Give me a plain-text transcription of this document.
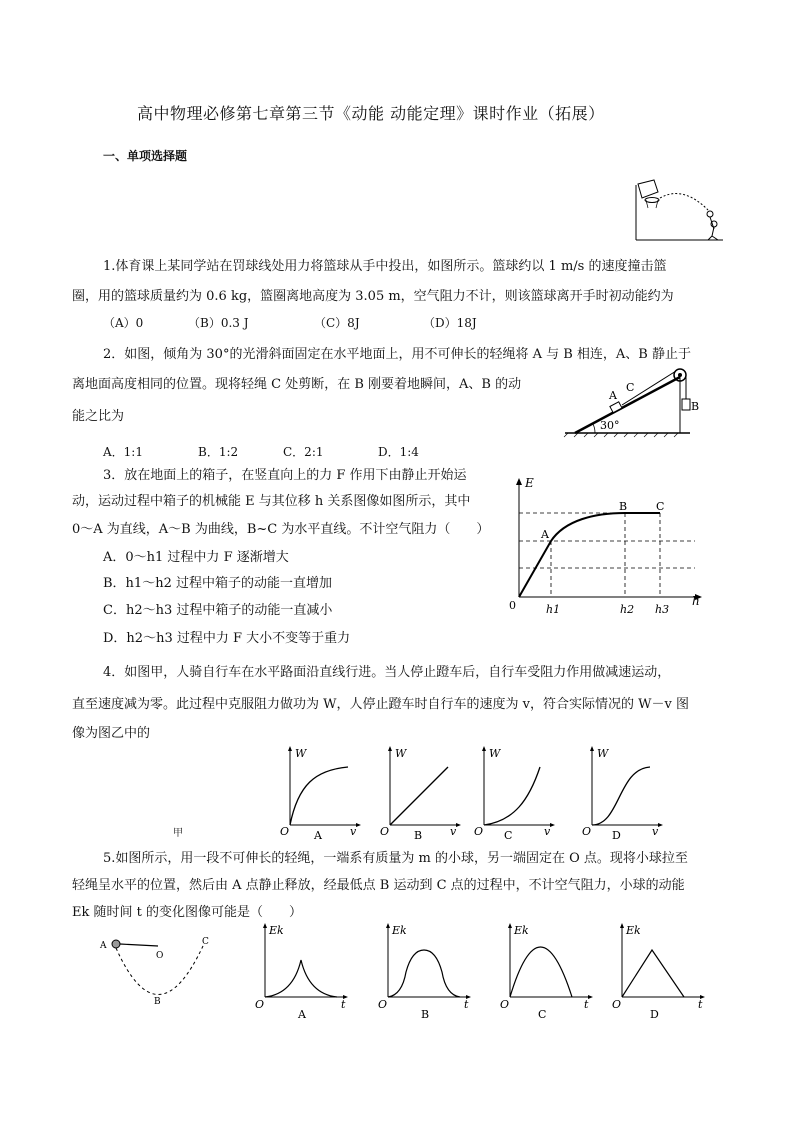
高中物理必修第七章第三节《动能 动能定理》课时作业（拓展）
一、单项选择题
1.体育课上某同学站在罚球线处用力将篮球从手中投出，如图所示。篮球约以 1 m/s 的速度撞击篮
圈，用的篮球质量约为 0.6 kg，篮圈离地高度为 3.05 m，空气阻力不计，则该篮球离开手时初动能约为
（A）0	（B）0.3 J	（C）8J	（D）18J
2．如图，倾角为 30°的光滑斜面固定在水平地面上，用不可伸长的轻绳将 A 与 B 相连，A、B 静止于
离地面高度相同的位置。现将轻绳 C 处剪断，在 B 刚要着地瞬间，A、B 的动
能之比为
A．1:1	B．1:2	C．2:1	D．1:4
A
C
B
30°
3．放在地面上的箱子，在竖直向上的力 F 作用下由静止开始运
动，运动过程中箱子的机械能 E 与其位移 h 关系图像如图所示，其中
0～A 为直线，A～B 为曲线，B~C 为水平直线。不计空气阻力（　　）
A．0～h1 过程中力 F 逐渐增大
B．h1～h2 过程中箱子的动能一直增加
C．h2～h3 过程中箱子的动能一直减小
D．h2～h3 过程中力 F 大小不变等于重力
E
h
0
A
B	C
h1	h2 h3
4．如图甲，人骑自行车在水平路面沿直线行进。当人停止蹬车后，自行车受阻力作用做减速运动，
直至速度减为零。此过程中克服阻力做功为 W，人停止蹬车时自行车的速度为 v，符合实际情况的 W－v 图
像为图乙中的
甲
W
v
O A
W
v
O B
W
v
O C
W
v
O D
5.如图所示，用一段不可伸长的轻绳，一端系有质量为 m 的小球，另一端固定在 O 点。现将小球拉至
轻绳呈水平的位置，然后由 A 点静止释放，经最低点 B 运动到 C 点的过程中，不计空气阻力，小球的动能
Ek 随时间 t 的变化图像可能是（　　）
A
O
B
C
Ek
t
O
A
Ek
t
O
B
Ek
t
O
C
Ek
t
O
D
